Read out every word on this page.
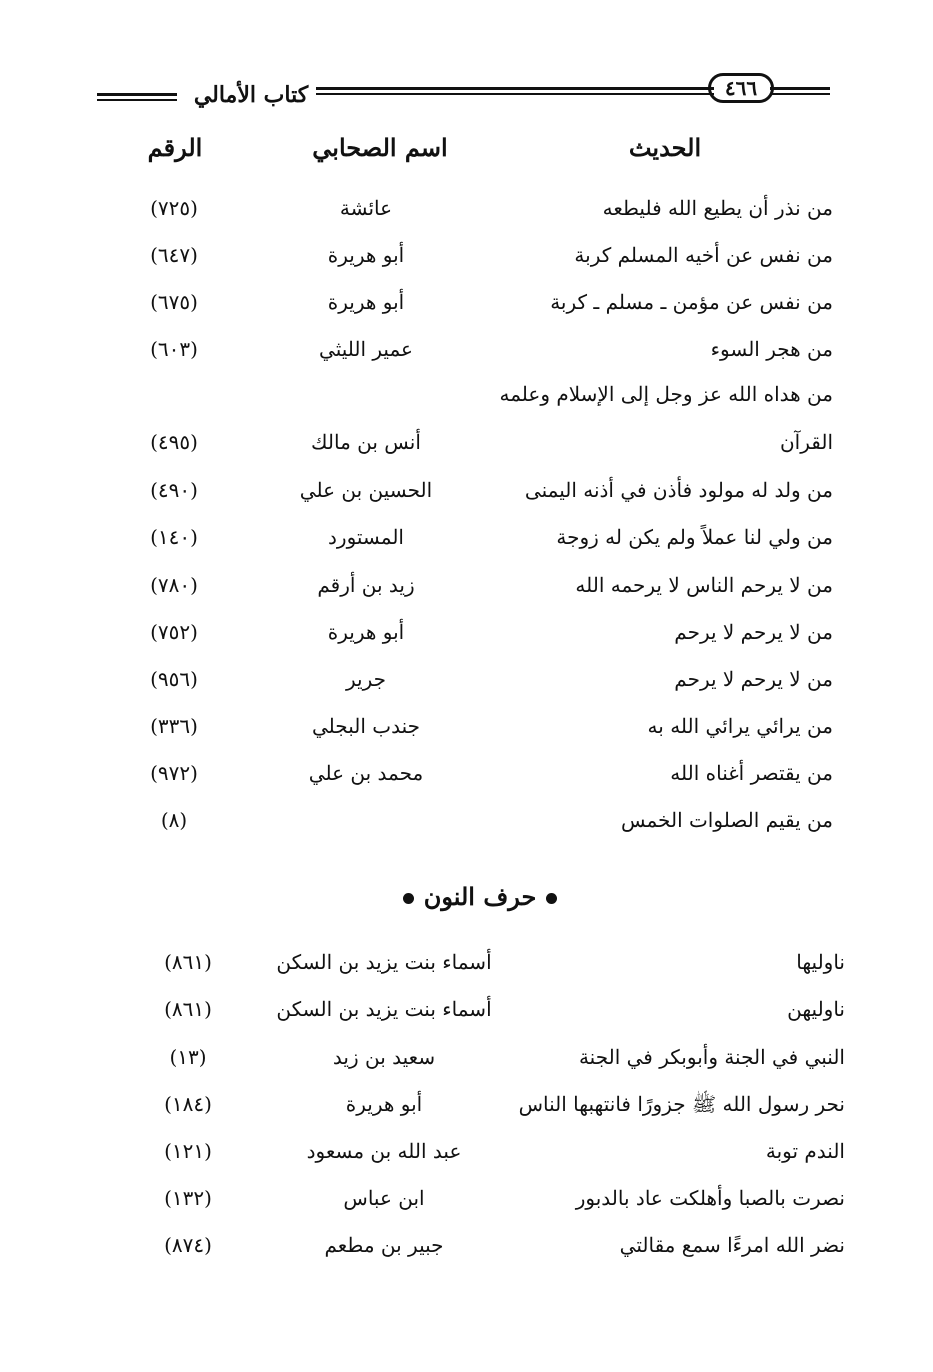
كتاب الأمالي	٤٦٦
الحديث
اسم الصحابي
الرقم
من نذر أن يطيع الله فليطعه
عائشة
(٧٢٥)
من نفس عن أخيه المسلم كربة
أبو هريرة
(٦٤٧)
من نفس عن مؤمن ـ مسلم ـ كربة
أبو هريرة
(٦٧٥)
من هجر السوء
عمير الليثي
(٦٠٣)
من هداه الله عز وجل إلى الإسلام وعلمه
القرآن
أنس بن مالك
(٤٩٥)
من ولد له مولود فأذن في أذنه اليمنى
الحسين بن علي
(٤٩٠)
من ولي لنا عملاً ولم يكن له زوجة
المستورد
(١٤٠)
من لا يرحم الناس لا يرحمه الله
زيد بن أرقم
(٧٨٠)
من لا يرحم لا يرحم
أبو هريرة
(٧٥٢)
من لا يرحم لا يرحم
جرير
(٩٥٦)
من يرائي يرائي الله به
جندب البجلي
(٣٣٦)
من يقتصر أغناه الله
محمد بن علي
(٩٧٢)
من يقيم الصلوات الخمس
(٨)
حرف النون
ناوليها
أسماء بنت يزيد بن السكن
(٨٦١)
ناوليهن
أسماء بنت يزيد بن السكن
(٨٦١)
النبي في الجنة وأبوبكر في الجنة
سعيد بن زيد
(١٣)
نحر رسول الله ﷺ جزورًا فانتهبها الناس
أبو هريرة
(١٨٤)
الندم توبة
عبد الله بن مسعود
(١٢١)
نصرت بالصبا وأهلكت عاد بالدبور
ابن عباس
(١٣٢)
نضر الله امرءًا سمع مقالتي
جبير بن مطعم
(٨٧٤)
